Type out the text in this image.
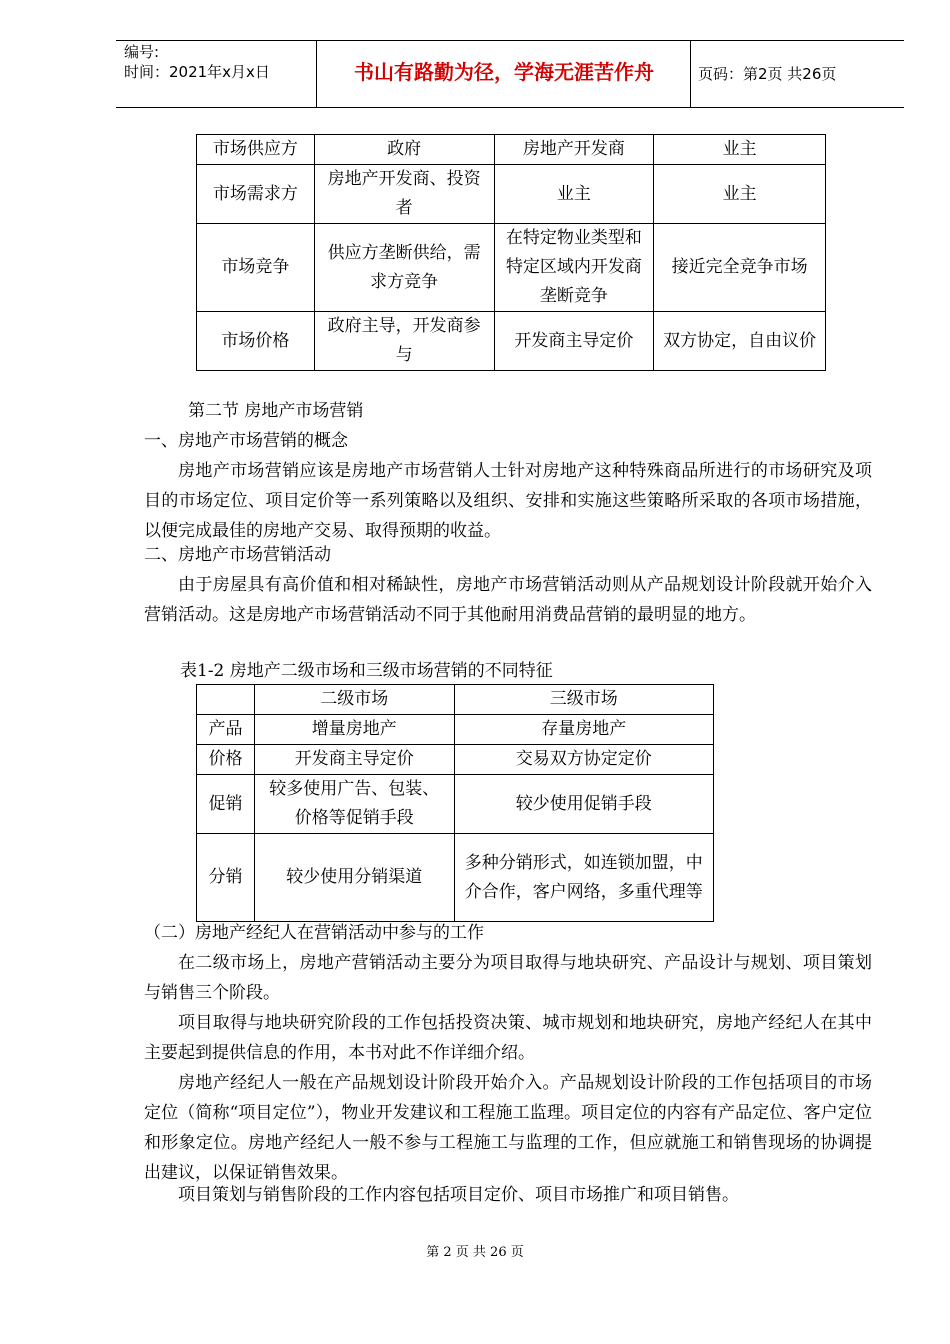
编号:
时间：2021年x月x日	书山有路勤为径，学海无涯苦作舟	页码：第2页 共26页
市场供应方	政府	房地产开发商	业主
市场需求方	房地产开发商、投资者	业主	业主
市场竞争	供应方垄断供给，需求方竞争	在特定物业类型和特定区域内开发商垄断竞争	接近完全竞争市场
市场价格	政府主导，开发商参与	开发商主导定价	双方协定，自由议价

第二节 房地产市场营销

一、房地产市场营销的概念

房地产市场营销应该是房地产市场营销人士针对房地产这种特殊商品所进行的市场研究及项目的市场定位、项目定价等一系列策略以及组织、安排和实施这些策略所采取的各项市场措施，以便完成最佳的房地产交易、取得预期的收益。

二、房地产市场营销活动

由于房屋具有高价值和相对稀缺性，房地产市场营销活动则从产品规划设计阶段就开始介入营销活动。这是房地产市场营销活动不同于其他耐用消费品营销的最明显的地方。

表1-2 房地产二级市场和三级市场营销的不同特征

	二级市场	三级市场
产品	增量房地产	存量房地产
价格	开发商主导定价	交易双方协定定价
促销	较多使用广告、包装、价格等促销手段	较少使用促销手段
分销	较少使用分销渠道	多种分销形式，如连锁加盟，中介合作，客户网络，多重代理等

（二）房地产经纪人在营销活动中参与的工作

在二级市场上，房地产营销活动主要分为项目取得与地块研究、产品设计与规划、项目策划与销售三个阶段。

项目取得与地块研究阶段的工作包括投资决策、城市规划和地块研究，房地产经纪人在其中主要起到提供信息的作用，本书对此不作详细介绍。

房地产经纪人一般在产品规划设计阶段开始介入。产品规划设计阶段的工作包括项目的市场定位（简称“项目定位”），物业开发建议和工程施工监理。项目定位的内容有产品定位、客户定位和形象定位。房地产经纪人一般不参与工程施工与监理的工作，但应就施工和销售现场的协调提出建议，以保证销售效果。

项目策划与销售阶段的工作内容包括项目定价、项目市场推广和项目销售。

第 2 页 共 26 页
